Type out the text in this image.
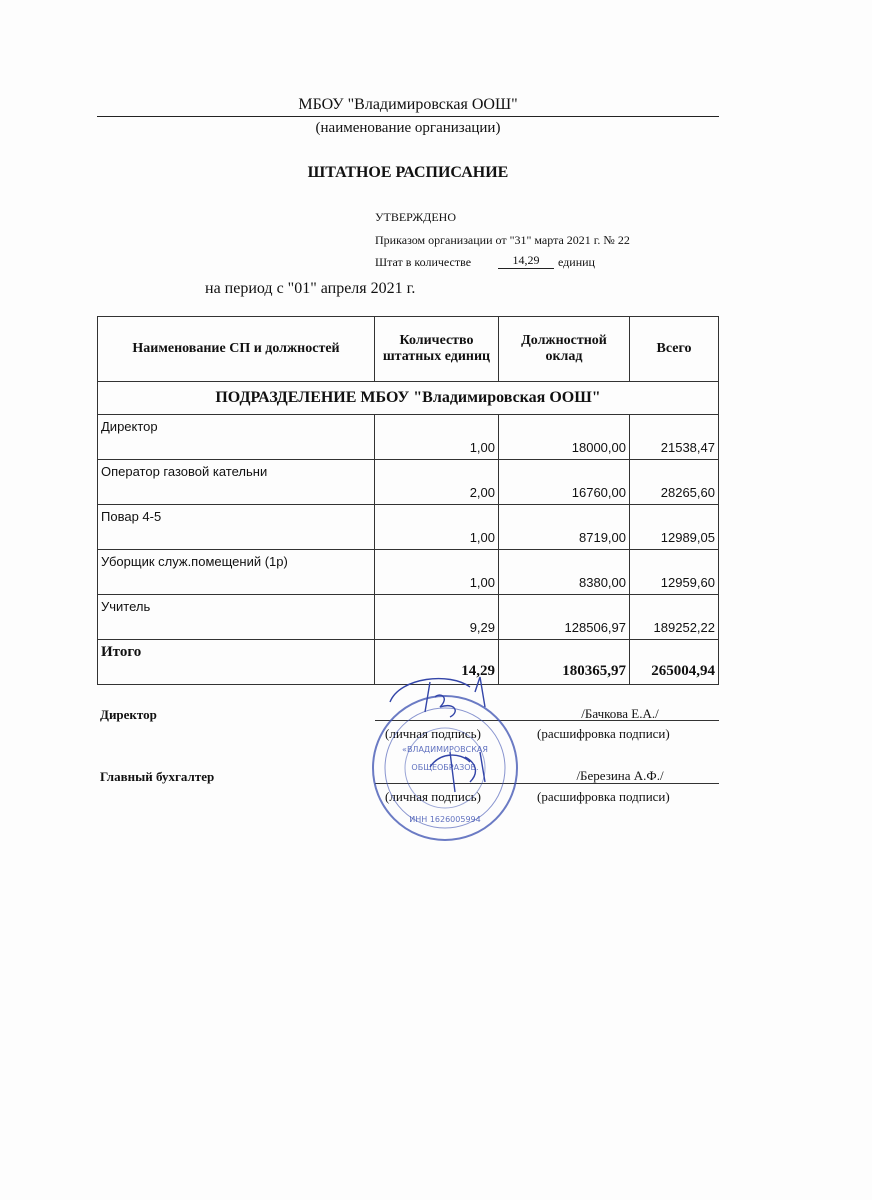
МБОУ "Владимировская ООШ"
(наименование организации)
ШТАТНОЕ РАСПИСАНИЕ
УТВЕРЖДЕНО
Приказом организации от "31" марта 2021 г. № 22
Штат в количестве	14,29	единиц
на период с "01" апреля 2021 г.
Наименование СП и должностей	Количество штатных единиц	Должностной оклад	Всего
ПОДРАЗДЕЛЕНИЕ МБОУ "Владимировская ООШ"			
Директор	1,00	18000,00	21538,47
Оператор газовой кательни	2,00	16760,00	28265,60
Повар 4-5	1,00	8719,00	12989,05
Уборщик служ.помещений (1р)	1,00	8380,00	12959,60
Учитель	9,29	128506,97	189252,22
Итого	14,29	180365,97	265004,94
Директор	/Бачкова Е.А./
(личная подпись)	(расшифровка подписи)
Главный бухгалтер	/Березина А.Ф./
(личная подпись)	(расшифровка подписи)
«ВЛАДИМИРОВСКАЯ
ОБЩЕОБРАЗОВ.
ИНН 1626005994
